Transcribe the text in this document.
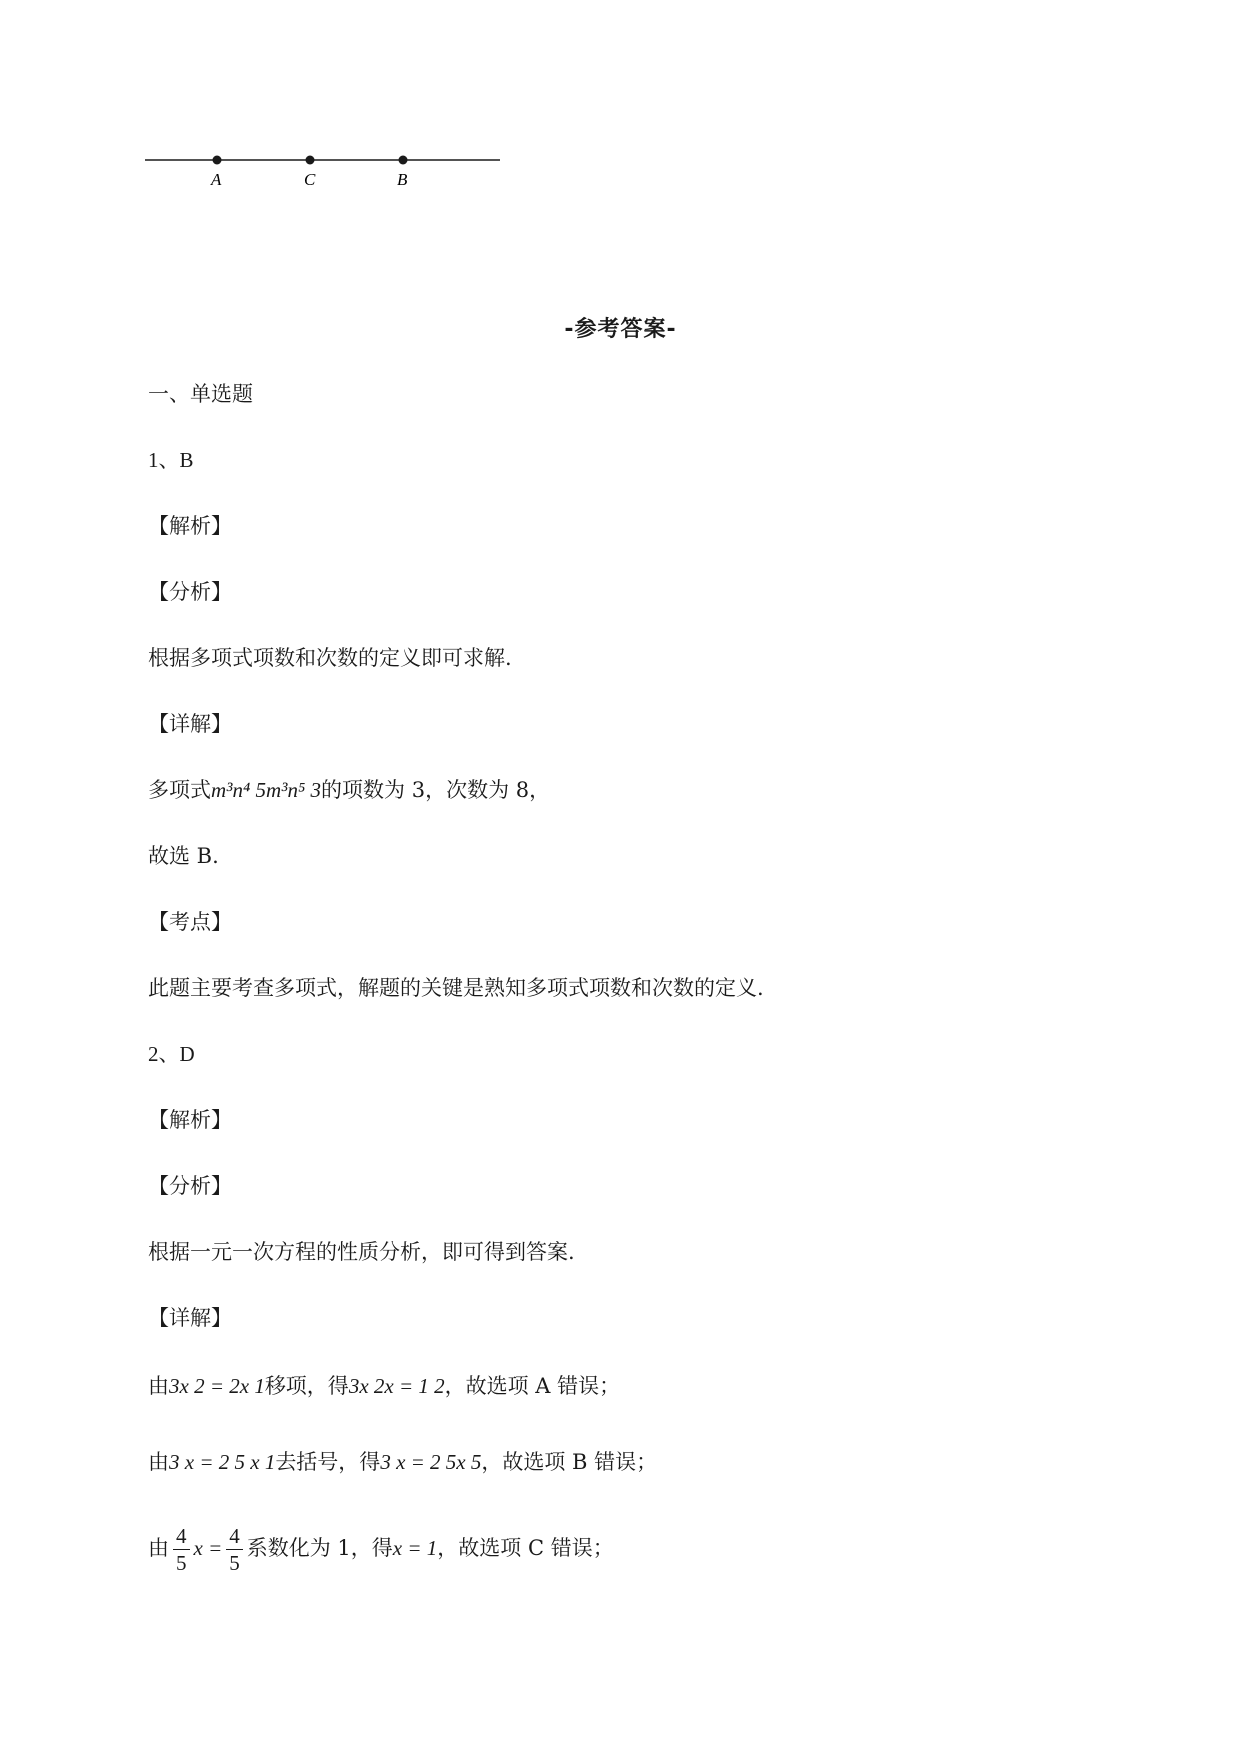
A	C	B
-参考答案-
一、单选题
1、B
【解析】
【分析】
根据多项式项数和次数的定义即可求解.
【详解】
多项式m³n⁴ 5m³n⁵ 3的项数为 3，次数为 8，
故选 B.
【考点】
此题主要考查多项式，解题的关键是熟知多项式项数和次数的定义.
2、D
【解析】
【分析】
根据一元一次方程的性质分析，即可得到答案.
【详解】
由3x 2 = 2x 1移项，得3x 2x = 1 2，故选项 A 错误；
由3 x = 2 5 x 1去括号，得3 x = 2 5x 5，故选项 B 错误；
由 $\frac{4}{5}$ $x = \frac{4}{5}$ 系数化为 1，得x = 1，故选项 C 错误；
